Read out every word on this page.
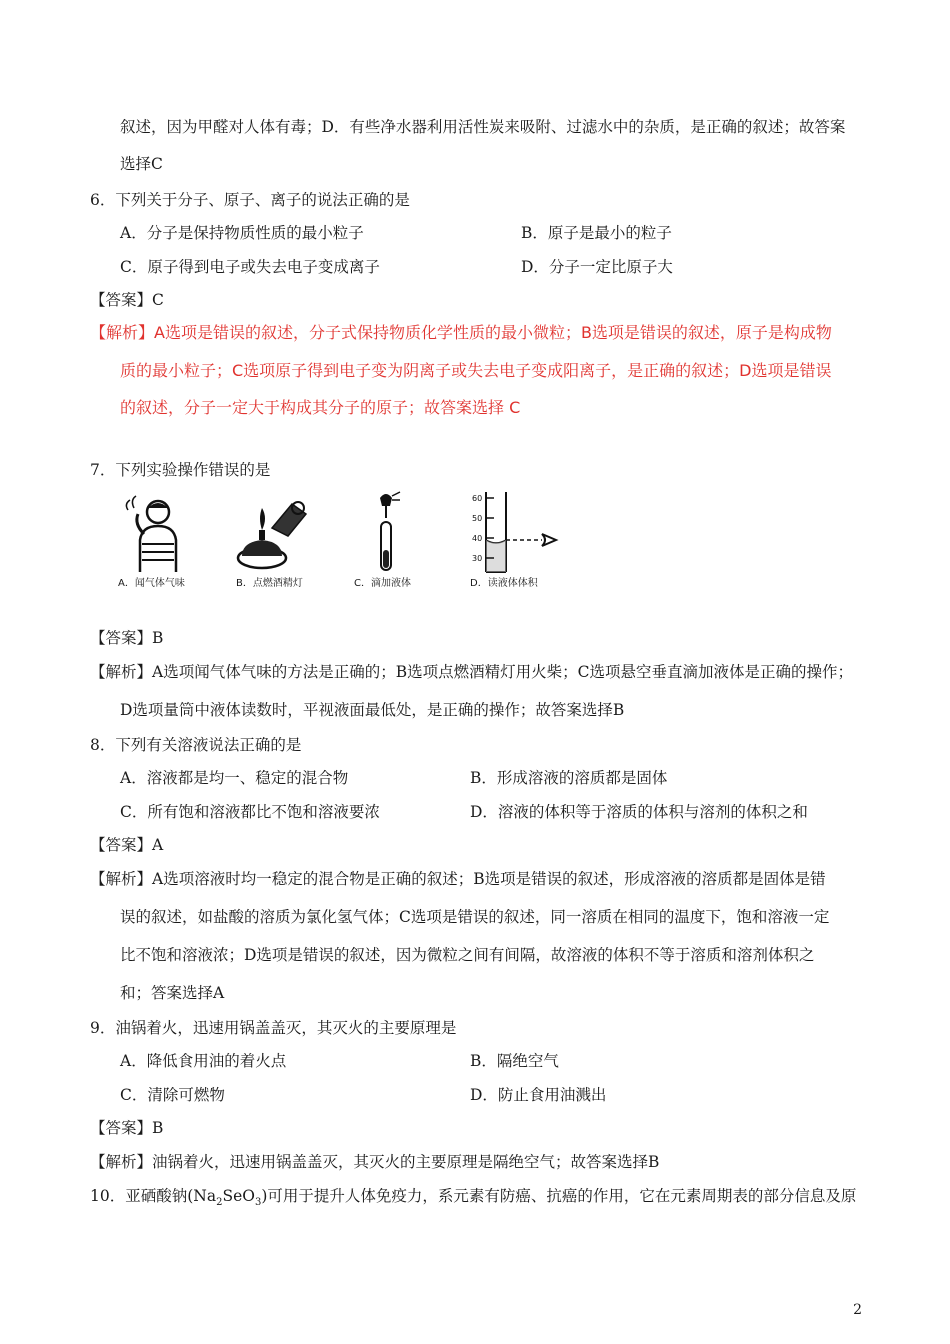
叙述，因为甲醛对人体有毒；D．有些净水器利用活性炭来吸附、过滤水中的杂质，是正确的叙述；故答案
选择C
6．下列关于分子、原子、离子的说法正确的是
A．分子是保持物质性质的最小粒子	B．原子是最小的粒子
C．原子得到电子或失去电子变成离子	D．分子一定比原子大
【答案】C
【解析】A选项是错误的叙述，分子式保持物质化学性质的最小微粒；B选项是错误的叙述，原子是构成物
质的最小粒子；C选项原子得到电子变为阴离子或失去电子变成阳离子，是正确的叙述；D选项是错误
的叙述，分子一定大于构成其分子的原子；故答案选择 C
7．下列实验操作错误的是
60
50
40
30
A．闻气体气味	B．点燃酒精灯	C．滴加液体	D．读液体体积
【答案】B
【解析】A选项闻气体气味的方法是正确的；B选项点燃酒精灯用火柴；C选项悬空垂直滴加液体是正确的操作；
D选项量筒中液体读数时，平视液面最低处，是正确的操作；故答案选择B
8．下列有关溶液说法正确的是
A．溶液都是均一、稳定的混合物	B．形成溶液的溶质都是固体
C．所有饱和溶液都比不饱和溶液要浓	D．溶液的体积等于溶质的体积与溶剂的体积之和
【答案】A
【解析】A选项溶液时均一稳定的混合物是正确的叙述；B选项是错误的叙述，形成溶液的溶质都是固体是错
误的叙述，如盐酸的溶质为氯化氢气体；C选项是错误的叙述，同一溶质在相同的温度下，饱和溶液一定
比不饱和溶液浓；D选项是错误的叙述，因为微粒之间有间隔，故溶液的体积不等于溶质和溶剂体积之
和；答案选择A
9．油锅着火，迅速用锅盖盖灭，其灭火的主要原理是
A．降低食用油的着火点	B．隔绝空气
C．清除可燃物	D．防止食用油溅出
【答案】B
【解析】油锅着火，迅速用锅盖盖灭，其灭火的主要原理是隔绝空气；故答案选择B
10．亚硒酸钠$(Na_2SeO_3)$可用于提升人体免疫力，系元素有防癌、抗癌的作用，它在元素周期表的部分信息及原
2
